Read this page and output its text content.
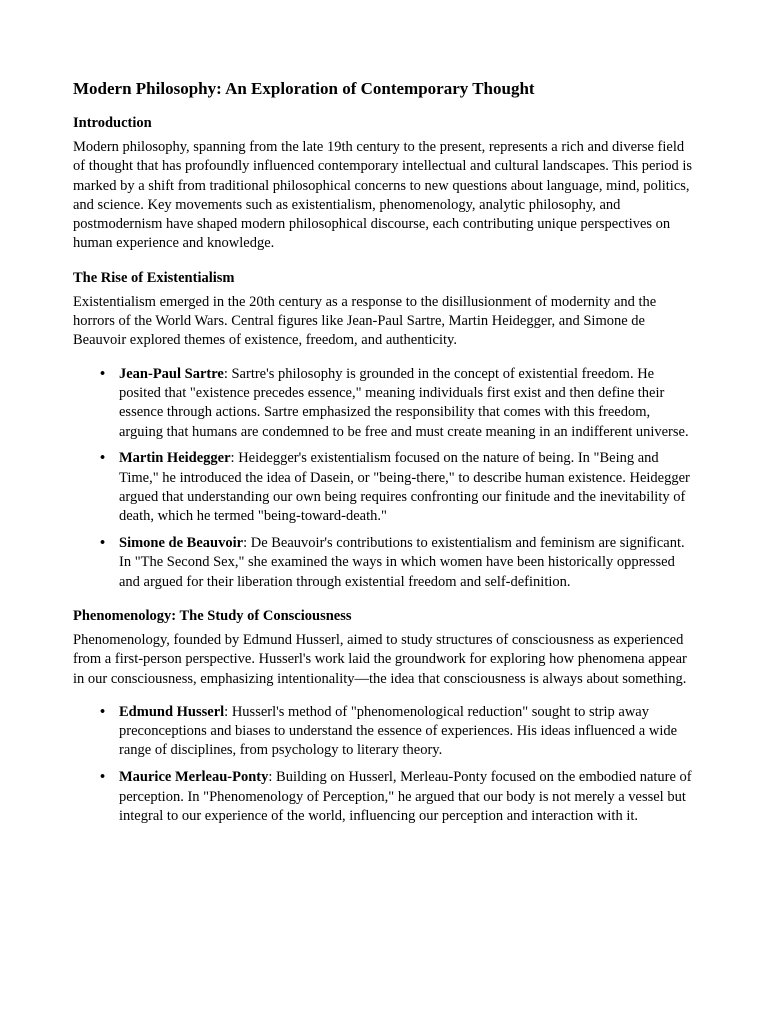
Modern Philosophy: An Exploration of Contemporary Thought
Introduction

Modern philosophy, spanning from the late 19th century to the present, represents a rich and diverse field of thought that has profoundly influenced contemporary intellectual and cultural landscapes. This period is marked by a shift from traditional philosophical concerns to new questions about language, mind, politics, and science. Key movements such as existentialism, phenomenology, analytic philosophy, and postmodernism have shaped modern philosophical discourse, each contributing unique perspectives on human experience and knowledge.

The Rise of Existentialism

Existentialism emerged in the 20th century as a response to the disillusionment of modernity and the horrors of the World Wars. Central figures like Jean-Paul Sartre, Martin Heidegger, and Simone de Beauvoir explored themes of existence, freedom, and authenticity.

• Jean-Paul Sartre: Sartre's philosophy is grounded in the concept of existential freedom. He posited that "existence precedes essence," meaning individuals first exist and then define their essence through actions. Sartre emphasized the responsibility that comes with this freedom, arguing that humans are condemned to be free and must create meaning in an indifferent universe.
• Martin Heidegger: Heidegger's existentialism focused on the nature of being. In "Being and Time," he introduced the idea of Dasein, or "being-there," to describe human existence. Heidegger argued that understanding our own being requires confronting our finitude and the inevitability of death, which he termed "being-toward-death."
• Simone de Beauvoir: De Beauvoir's contributions to existentialism and feminism are significant. In "The Second Sex," she examined the ways in which women have been historically oppressed and argued for their liberation through existential freedom and self-definition.
Phenomenology: The Study of Consciousness

Phenomenology, founded by Edmund Husserl, aimed to study structures of consciousness as experienced from a first-person perspective. Husserl's work laid the groundwork for exploring how phenomena appear in our consciousness, emphasizing intentionality—the idea that consciousness is always about something.

• Edmund Husserl: Husserl's method of "phenomenological reduction" sought to strip away preconceptions and biases to understand the essence of experiences. His ideas influenced a wide range of disciplines, from psychology to literary theory.
• Maurice Merleau-Ponty: Building on Husserl, Merleau-Ponty focused on the embodied nature of perception. In "Phenomenology of Perception," he argued that our body is not merely a vessel but integral to our experience of the world, influencing our perception and interaction with it.
